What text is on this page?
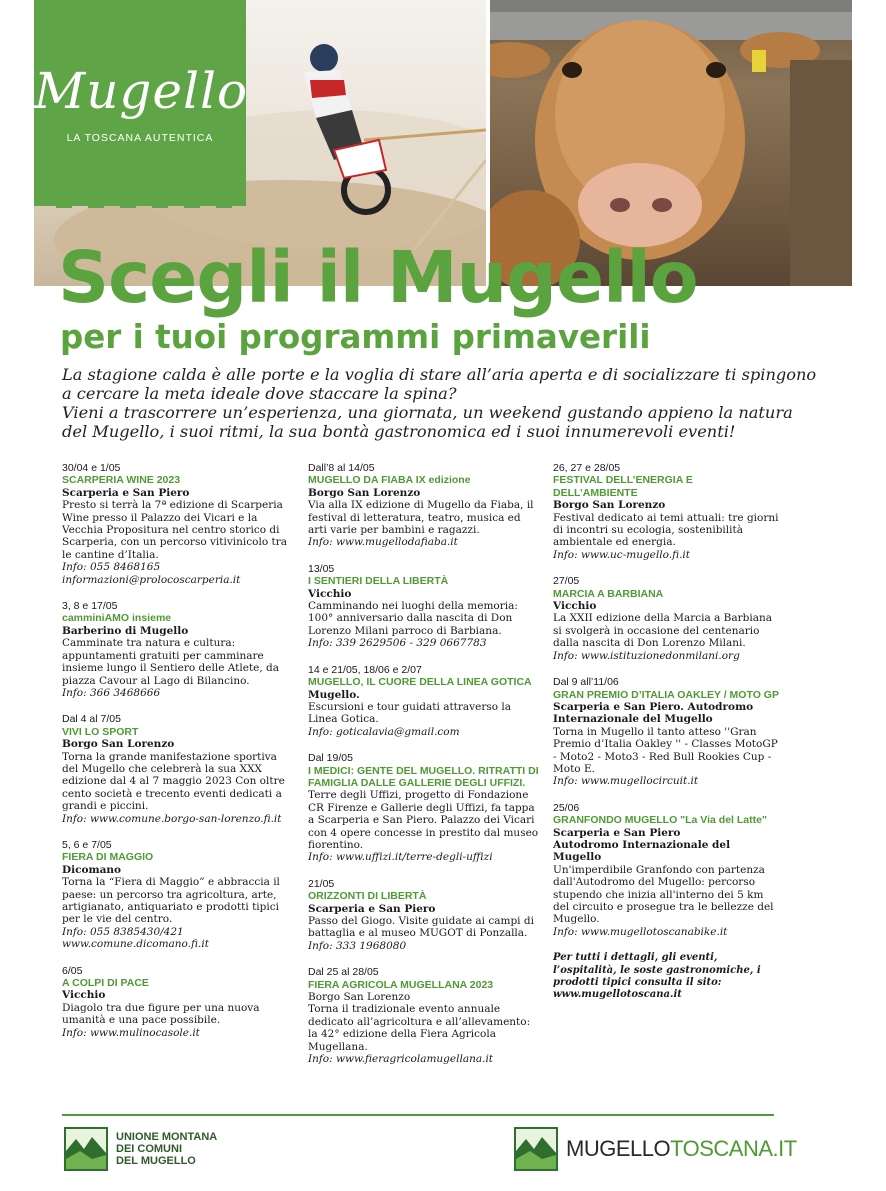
Mugello
LA TOSCANA AUTENTICA
Scegli il Mugello
per i tuoi programmi primaverili

La stagione calda è alle porte e la voglia di stare all’aria aperta e di socializzare ti spingono

a cercare la meta ideale dove staccare la spina?

Vieni a trascorrere un’esperienza, una giornata, un weekend gustando appieno la natura

del Mugello, i suoi ritmi, la sua bontà gastronomica ed i suoi innumerevoli eventi!

30/04 e 1/05
SCARPERIA WINE 2023
Scarperia e San Piero
Presto si terrà la 7ª edizione di Scarperia Wine presso il Palazzo dei Vicari e la Vecchia Propositura nel centro storico di Scarperia, con un percorso vitivinicolo tra le cantine d’Italia.
Info: 055 8468165
informazioni@prolocoscarperia.it
3, 8 e 17/05
camminiAMO insieme
Barberino di Mugello
Camminate tra natura e cultura: appuntamenti gratuiti per camminare insieme lungo il Sentiero delle Atlete, da piazza Cavour al Lago di Bilancino.
Info: 366 3468666
Dal 4 al 7/05
VIVI LO SPORT
Borgo San Lorenzo
Torna la grande manifestazione sportiva del Mugello che celebrerà la sua XXX edizione dal 4 al 7 maggio 2023 Con oltre cento società e trecento eventi dedicati a grandi e piccini.
Info: www.comune.borgo-san-lorenzo.fi.it
5, 6 e 7/05
FIERA DI MAGGIO
Dicomano
Torna la “Fiera di Maggio” e abbraccia il paese: un percorso tra agricoltura, arte, artigianato, antiquariato e prodotti tipici per le vie del centro.
Info: 055 8385430/421
www.comune.dicomano.fi.it
6/05
A COLPI DI PACE
Vicchio
Diagolo tra due figure per una nuova umanità e una pace possibile.
Info: www.mulinocasole.it
Dall’8 al 14/05
MUGELLO DA FIABA IX edizione
Borgo San Lorenzo
Via alla IX edizione di Mugello da Fiaba, il festival di letteratura, teatro, musica ed arti varie per bambini e ragazzi.
Info: www.mugellodafiaba.it
13/05
I SENTIERI DELLA LIBERTÀ
Vicchio
Camminando nei luoghi della memoria: 100° anniversario dalla nascita di Don Lorenzo Milani parroco di Barbiana.
Info: 339 2629506 - 329 0667783
14 e 21/05, 18/06 e 2/07
MUGELLO, IL CUORE DELLA LINEA GOTICA
Mugello.
Escursioni e tour guidati attraverso la Linea Gotica.
Info: goticalavia@gmail.com
Dal 19/05
I MEDICI: GENTE DEL MUGELLO. RITRATTI DI FAMIGLIA DALLE GALLERIE DEGLI UFFIZI.
Terre degli Uffizi, progetto di Fondazione CR Firenze e Gallerie degli Uffizi, fa tappa a Scarperia e San Piero. Palazzo dei Vicari con 4 opere concesse in prestito dal museo fiorentino.
Info: www.uffizi.it/terre-degli-uffizi
21/05
ORIZZONTI DI LIBERTÀ
Scarperia e San Piero
Passo del Giogo. Visite guidate ai campi di battaglia e al museo MUGOT di Ponzalla.
Info: 333 1968080
Dal 25 al 28/05
FIERA AGRICOLA MUGELLANA 2023
Borgo San Lorenzo
Torna il tradizionale evento annuale dedicato all’agricoltura e all’allevamento: la 42° edizione della Fiera Agricola Mugellana.
Info: www.fieragricolamugellana.it
26, 27 e 28/05
FESTIVAL DELL’ENERGIA E DELL’AMBIENTE
Borgo San Lorenzo
Festival dedicato ai temi attuali: tre giorni di incontri su ecologia, sostenibilità ambientale ed energia.
Info: www.uc-mugello.fi.it
27/05
MARCIA A BARBIANA
Vicchio
La XXII edizione della Marcia a Barbiana si svolgerà in occasione del centenario dalla nascita di Don Lorenzo Milani.
Info: www.istituzionedonmilani.org
Dal 9 all’11/06
GRAN PREMIO D’ITALIA OAKLEY / MOTO GP
Scarperia e San Piero. Autodromo Internazionale del Mugello
Torna in Mugello il tanto atteso ''Gran Premio d’Italia Oakley '' - Classes MotoGP - Moto2 - Moto3 - Red Bull Rookies Cup - Moto E.
Info: www.mugellocircuit.it
25/06
GRANFONDO MUGELLO "La Via del Latte"
Scarperia e San Piero
Autodromo Internazionale del Mugello
Un'imperdibile Granfondo con partenza dall'Autodromo del Mugello: percorso stupendo che inizia all'interno dei 5 km del circuito e prosegue tra le bellezze del Mugello.
Info: www.mugellotoscanabike.it
Per tutti i dettagli, gli eventi, l’ospitalità, le soste gastronomiche, i prodotti tipici consulta il sito: www.mugellotoscana.it
UNIONE MONTANA
DEI COMUNI
DEL MUGELLO	MUGELLO TOSCANA.IT
